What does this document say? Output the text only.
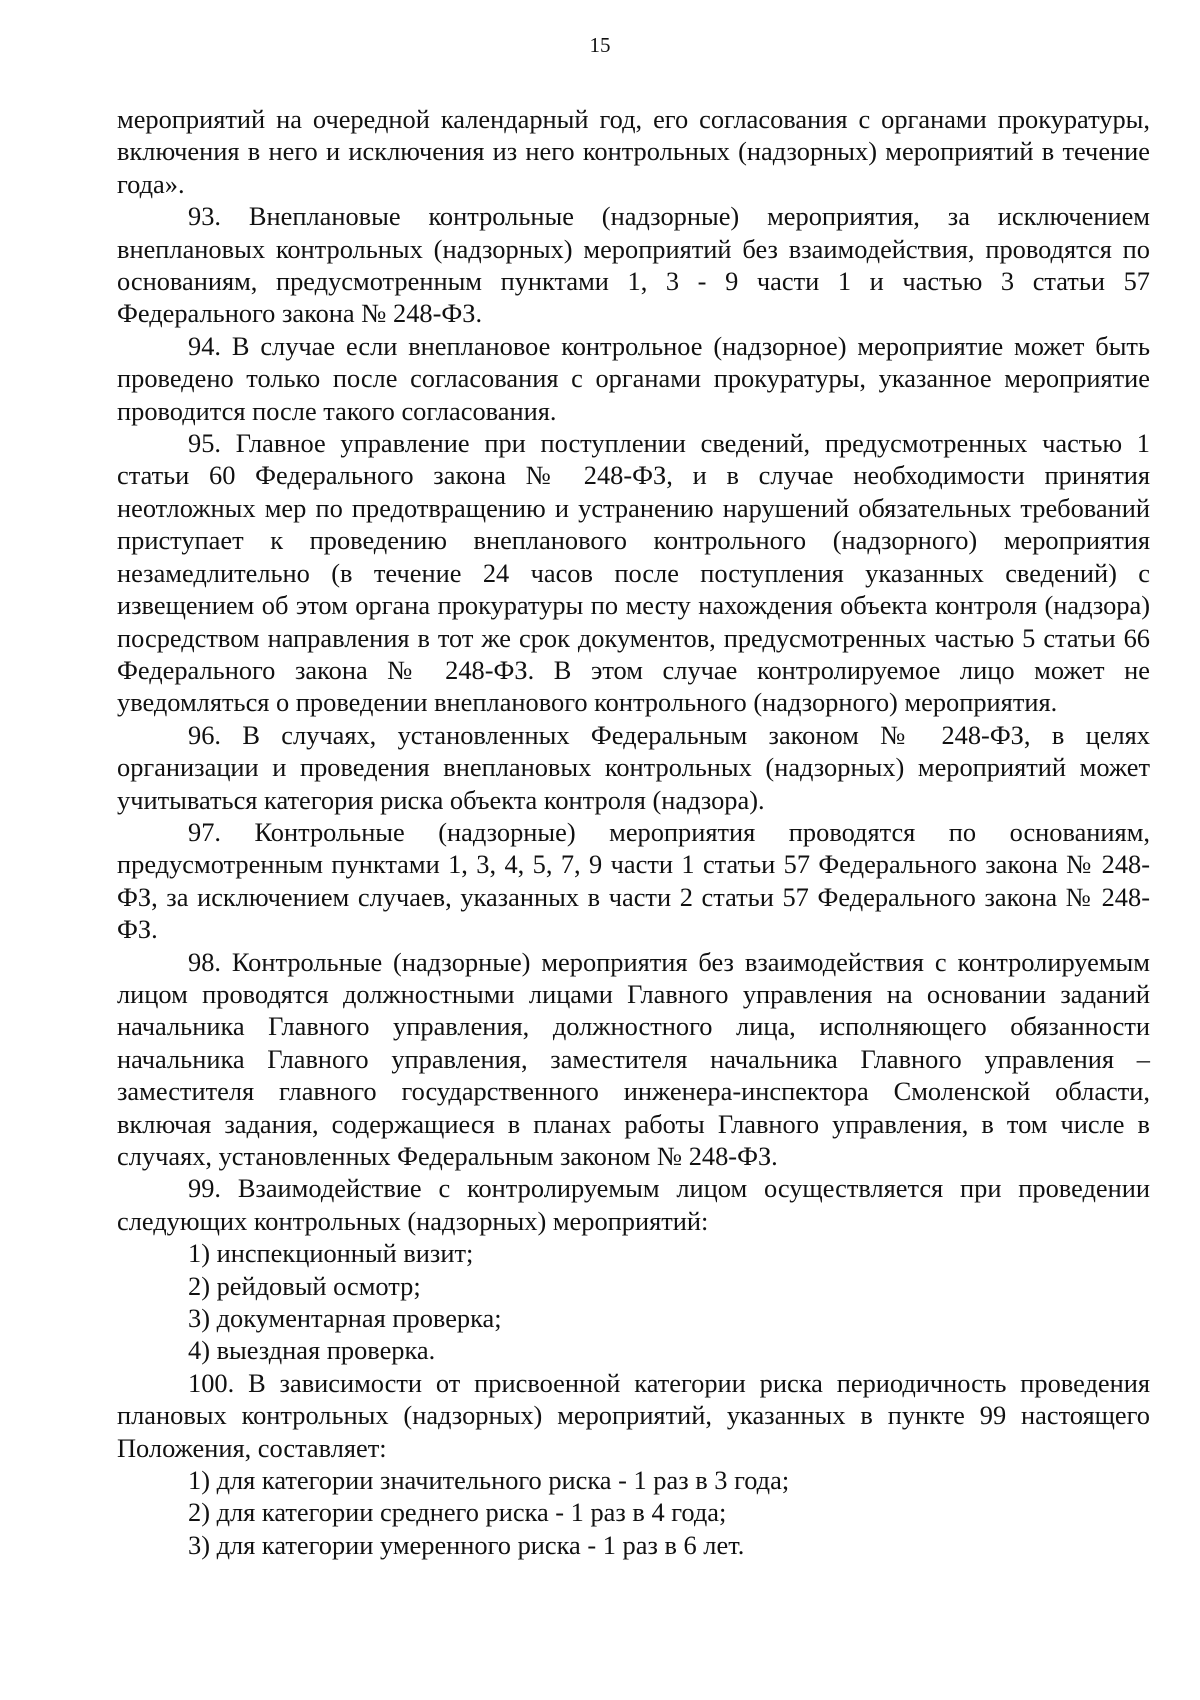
15

мероприятий на очередной календарный год, его согласования с органами прокуратуры, включения в него и исключения из него контрольных (надзорных) мероприятий в течение года».

93. Внеплановые контрольные (надзорные) мероприятия, за исключением внеплановых контрольных (надзорных) мероприятий без взаимодействия, проводятся по основаниям, предусмотренным пунктами 1, 3 - 9 части 1 и частью 3 статьи 57 Федерального закона № 248-ФЗ.

94. В случае если внеплановое контрольное (надзорное) мероприятие может быть проведено только после согласования с органами прокуратуры, указанное мероприятие проводится после такого согласования.

95. Главное управление при поступлении сведений, предусмотренных частью 1 статьи 60 Федерального закона № 248-ФЗ, и в случае необходимости принятия неотложных мер по предотвращению и устранению нарушений обязательных требований приступает к проведению внепланового контрольного (надзорного) мероприятия незамедлительно (в течение 24 часов после поступления указанных сведений) с извещением об этом органа прокуратуры по месту нахождения объекта контроля (надзора) посредством направления в тот же срок документов, предусмотренных частью 5 статьи 66 Федерального закона № 248-ФЗ. В этом случае контролируемое лицо может не уведомляться о проведении внепланового контрольного (надзорного) мероприятия.

96. В случаях, установленных Федеральным законом № 248-ФЗ, в целях организации и проведения внеплановых контрольных (надзорных) мероприятий может учитываться категория риска объекта контроля (надзора).

97. Контрольные (надзорные) мероприятия проводятся по основаниям, предусмотренным пунктами 1, 3, 4, 5, 7, 9 части 1 статьи 57 Федерального закона № 248-ФЗ, за исключением случаев, указанных в части 2 статьи 57 Федерального закона № 248-ФЗ.

98. Контрольные (надзорные) мероприятия без взаимодействия с контролируемым лицом проводятся должностными лицами Главного управления на основании заданий начальника Главного управления, должностного лица, исполняющего обязанности начальника Главного управления, заместителя начальника Главного управления – заместителя главного государственного инженера-инспектора Смоленской области, включая задания, содержащиеся в планах работы Главного управления, в том числе в случаях, установленных Федеральным законом № 248-ФЗ.

99. Взаимодействие с контролируемым лицом осуществляется при проведении следующих контрольных (надзорных) мероприятий:

1) инспекционный визит;

2) рейдовый осмотр;

3) документарная проверка;

4) выездная проверка.

100. В зависимости от присвоенной категории риска периодичность проведения плановых контрольных (надзорных) мероприятий, указанных в пункте 99 настоящего Положения, составляет:

1) для категории значительного риска - 1 раз в 3 года;

2) для категории среднего риска - 1 раз в 4 года;

3) для категории умеренного риска - 1 раз в 6 лет.
